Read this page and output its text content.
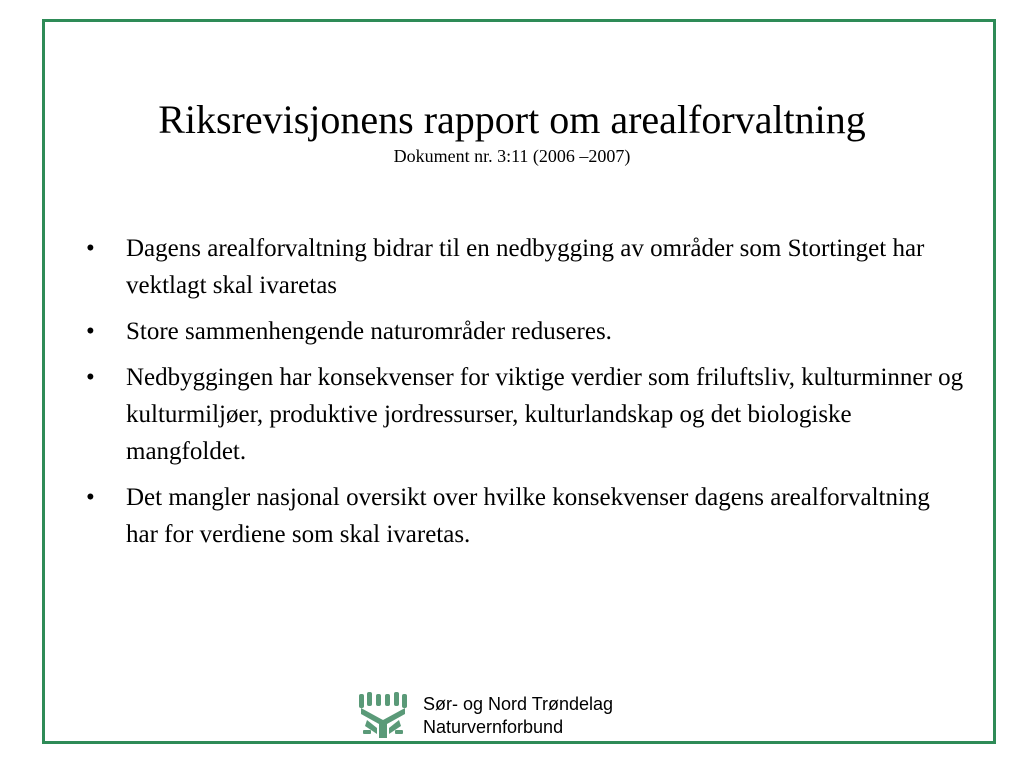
Riksrevisjonens rapport om arealforvaltning
Dokument nr. 3:11 (2006 –2007)
• Dagens arealforvaltning bidrar til en nedbygging av områder som Stortinget har vektlagt skal ivaretas
• Store sammenhengende naturområder reduseres.
• Nedbyggingen har konsekvenser for viktige verdier som friluftsliv, kulturminner og kulturmiljøer, produktive jordressurser, kulturlandskap og det biologiske mangfoldet.
• Det mangler nasjonal oversikt over hvilke konsekvenser dagens arealforvaltning har for verdiene som skal ivaretas.
Sør- og Nord Trøndelag
Naturvernforbund
